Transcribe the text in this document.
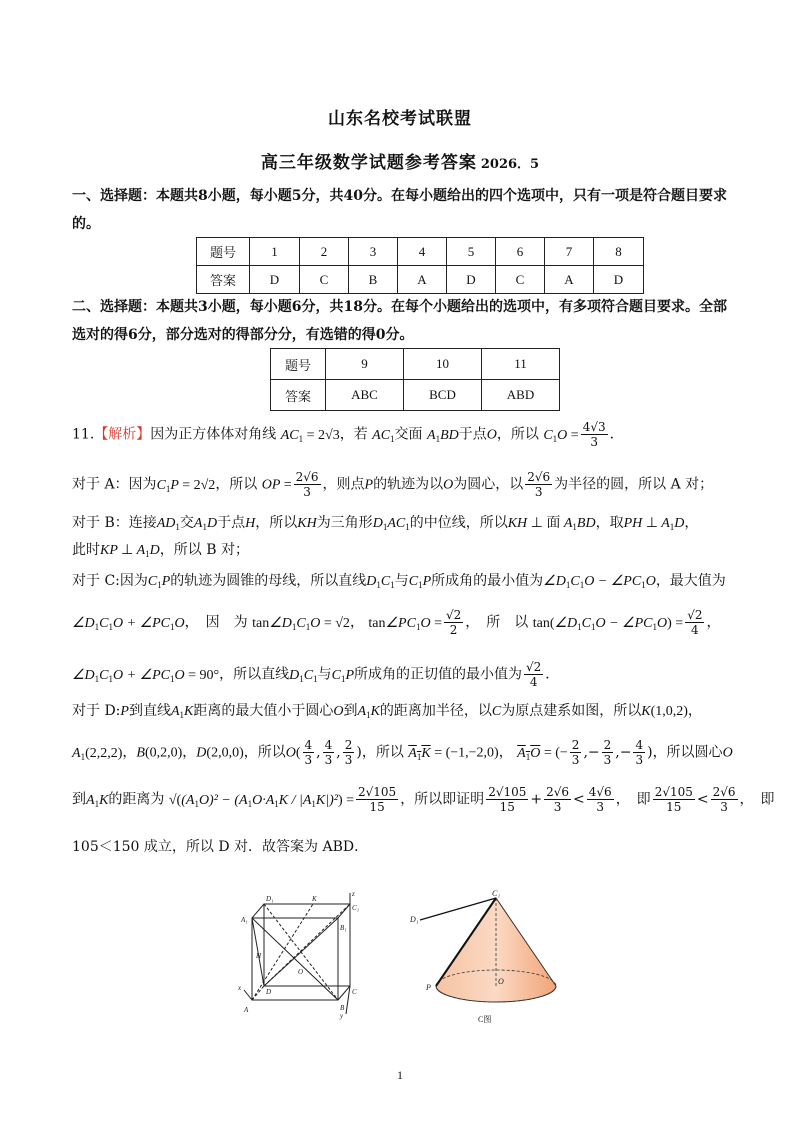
山东名校考试联盟
高三年级数学试题参考答案 2026．5
一、选择题：本题共8小题，每小题5分，共40分。在每小题给出的四个选项中，只有一项是符合题目要求的。
题号	1	2	3	4	5	6	7	8
答案	D	C	B	A	D	C	A	D
二、选择题：本题共3小题，每小题6分，共18分。在每个小题给出的选项中，有多项符合题目要求。全部选对的得6分，部分选对的得部分分，有选错的得0分。
题号	9	10	11
答案	ABC	BCD	ABD
11.【解析】因为正方体体对角线 $AC_1 = 2√3$，若 $AC_1$交面 $A_1BD$于点O，所以 $C_1O = \frac{4√3}{3}$ ．
对于 A：因为$C_1P = 2√2$，所以 OP = $\frac{2√6}{3}$ ，则点P的轨迹为以O为圆心，以 $\frac{2√6}{3}$ 为半径的圆，所以 A 对；
对于 B：连接$AD_1$交$A_1D$于点H，所以KH为三角形$D_1AC_1$的中位线，所以KH ⊥ 面 $A_1BD$，取PH ⊥ $A_1D$，
此时KP ⊥ $A_1D$，所以 B 对；
对于 C:因为$C_1P$的轨迹为圆锥的母线，所以直线$D_1C_1$与$C_1P$所成角的最小值为$\angle D_1C_1O$ − $\angle PC_1O$，最大值为
$\angle D_1C_1O$ + $\angle PC_1O$，　因　为 $\tan\angle D_1C_1O = √2$， $\tan\angle PC_1O = \frac{√2}{2}$ ，　所　以 $\tan(\angle D_1C_1O$ − $\angle PC_1O) = \frac{√2}{4}$ ，
$\angle D_1C_1O$ + $\angle PC_1O = 90^\circ$，所以直线$D_1C_1$与$C_1P$所成角的正切值的最小值为 $\frac{√2}{4}$ ．
对于 D:P到直线$A_1K$距离的最大值小于圆心O到$A_1K$的距离加半径，以C为原点建系如图，所以K(1,0,2)，
$A_1(2,2,2)$，B(0,2,0)，D(2,0,0)，所以$O( \frac{4}{3}$ , $\frac{4}{3}$ , $\frac{2}{3}$ )，所以 $A_1K = (-1,-2,0)$， $A_1O$ = (− $\frac{2}{3}$ ,− $\frac{2}{3}$ ,− $\frac{4}{3}$ )，所以圆心O
到$A_1K$的距离为 $√((A_1O)^2 - (A_1O\cdot A_1K / |A_1K|)^2) = \frac{2√105}{15}$ ，所以即证明 $\frac{2√105}{15} + \frac{2√6}{3} < \frac{4√6}{3}$ ，　即 $\frac{2√105}{15} < \frac{2√6}{3}$ ，　即
105＜150 成立，所以 D 对．故答案为 ABD．
D₁	K
C₁
A₁
B₁
H
O
D	C
A	B
z
x
y
C₁
D₁
P
O
C图
1
